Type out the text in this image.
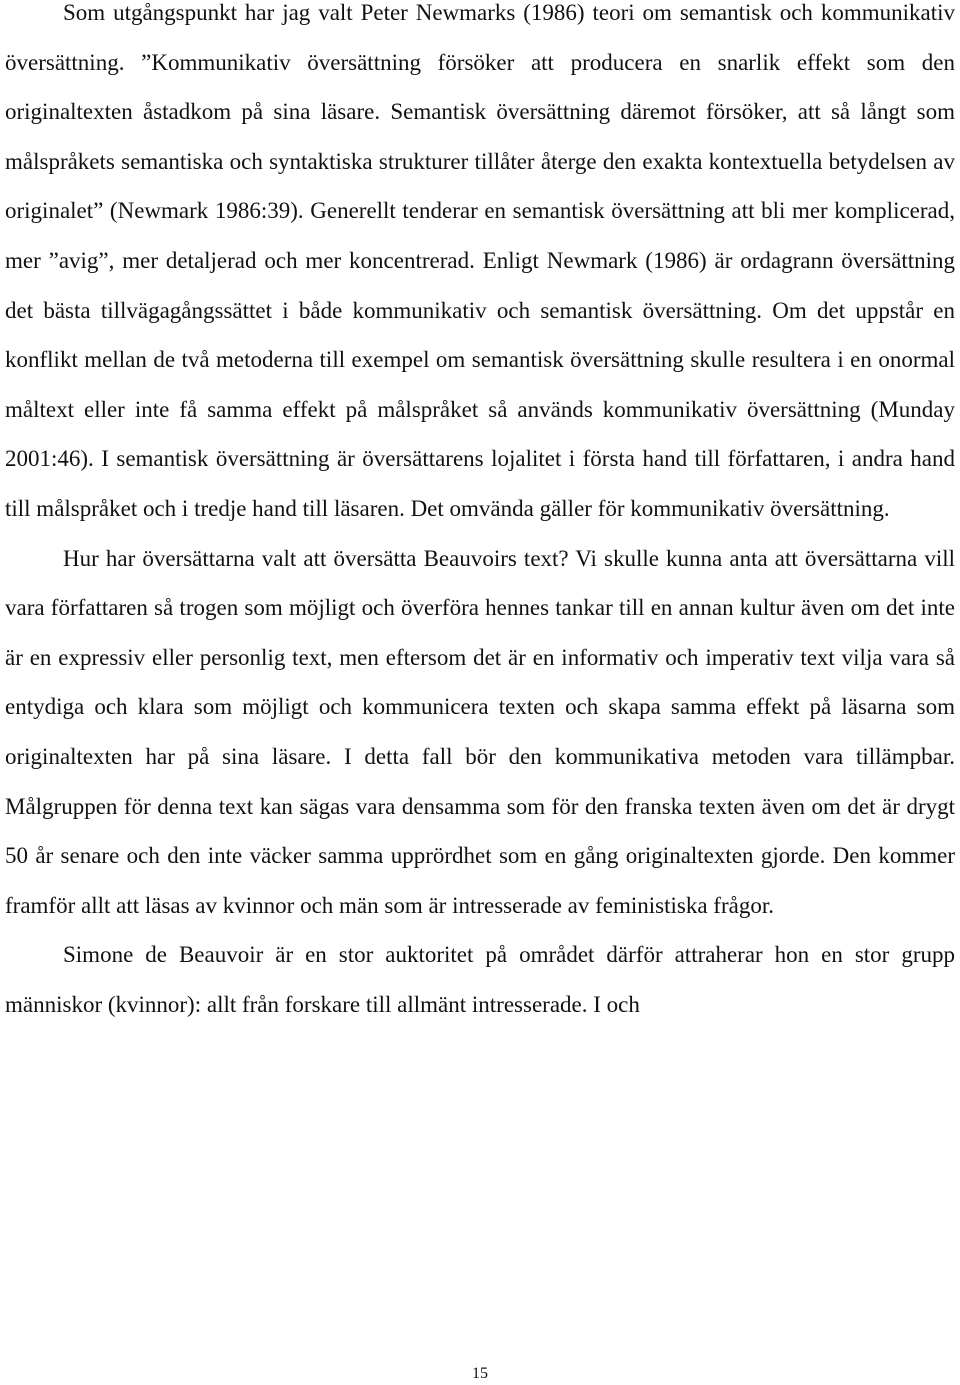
Som utgångspunkt har jag valt Peter Newmarks (1986) teori om semantisk och kommunikativ översättning. ”Kommunikativ översättning försöker att producera en snarlik effekt som den originaltexten åstadkom på sina läsare. Semantisk översättning däremot försöker, att så långt som målspråkets semantiska och syntaktiska strukturer tillåter återge den exakta kontextuella betydelsen av originalet” (Newmark 1986:39). Generellt tenderar en semantisk översättning att bli mer komplicerad, mer ”avig”, mer detaljerad och mer koncentrerad. Enligt Newmark (1986) är ordagrann översättning det bästa tillvägagångssättet i både kommunikativ och semantisk översättning. Om det uppstår en konflikt mellan de två metoderna till exempel om semantisk översättning skulle resultera i en onormal måltext eller inte få samma effekt på målspråket så används kommunikativ översättning (Munday 2001:46). I semantisk översättning är översättarens lojalitet i första hand till författaren, i andra hand till målspråket och i tredje hand till läsaren. Det omvända gäller för kommunikativ översättning.

Hur har översättarna valt att översätta Beauvoirs text? Vi skulle kunna anta att översättarna vill vara författaren så trogen som möjligt och överföra hennes tankar till en annan kultur även om det inte är en expressiv eller personlig text, men eftersom det är en informativ och imperativ text vilja vara så entydiga och klara som möjligt och kommunicera texten och skapa samma effekt på läsarna som originaltexten har på sina läsare. I detta fall bör den kommunikativa metoden vara tillämpbar. Målgruppen för denna text kan sägas vara densamma som för den franska texten även om det är drygt 50 år senare och den inte väcker samma upprördhet som en gång originaltexten gjorde. Den kommer framför allt att läsas av kvinnor och män som är intresserade av feministiska frågor.

Simone de Beauvoir är en stor auktoritet på området därför attraherar hon en stor grupp människor (kvinnor): allt från forskare till allmänt intresserade. I och

15
